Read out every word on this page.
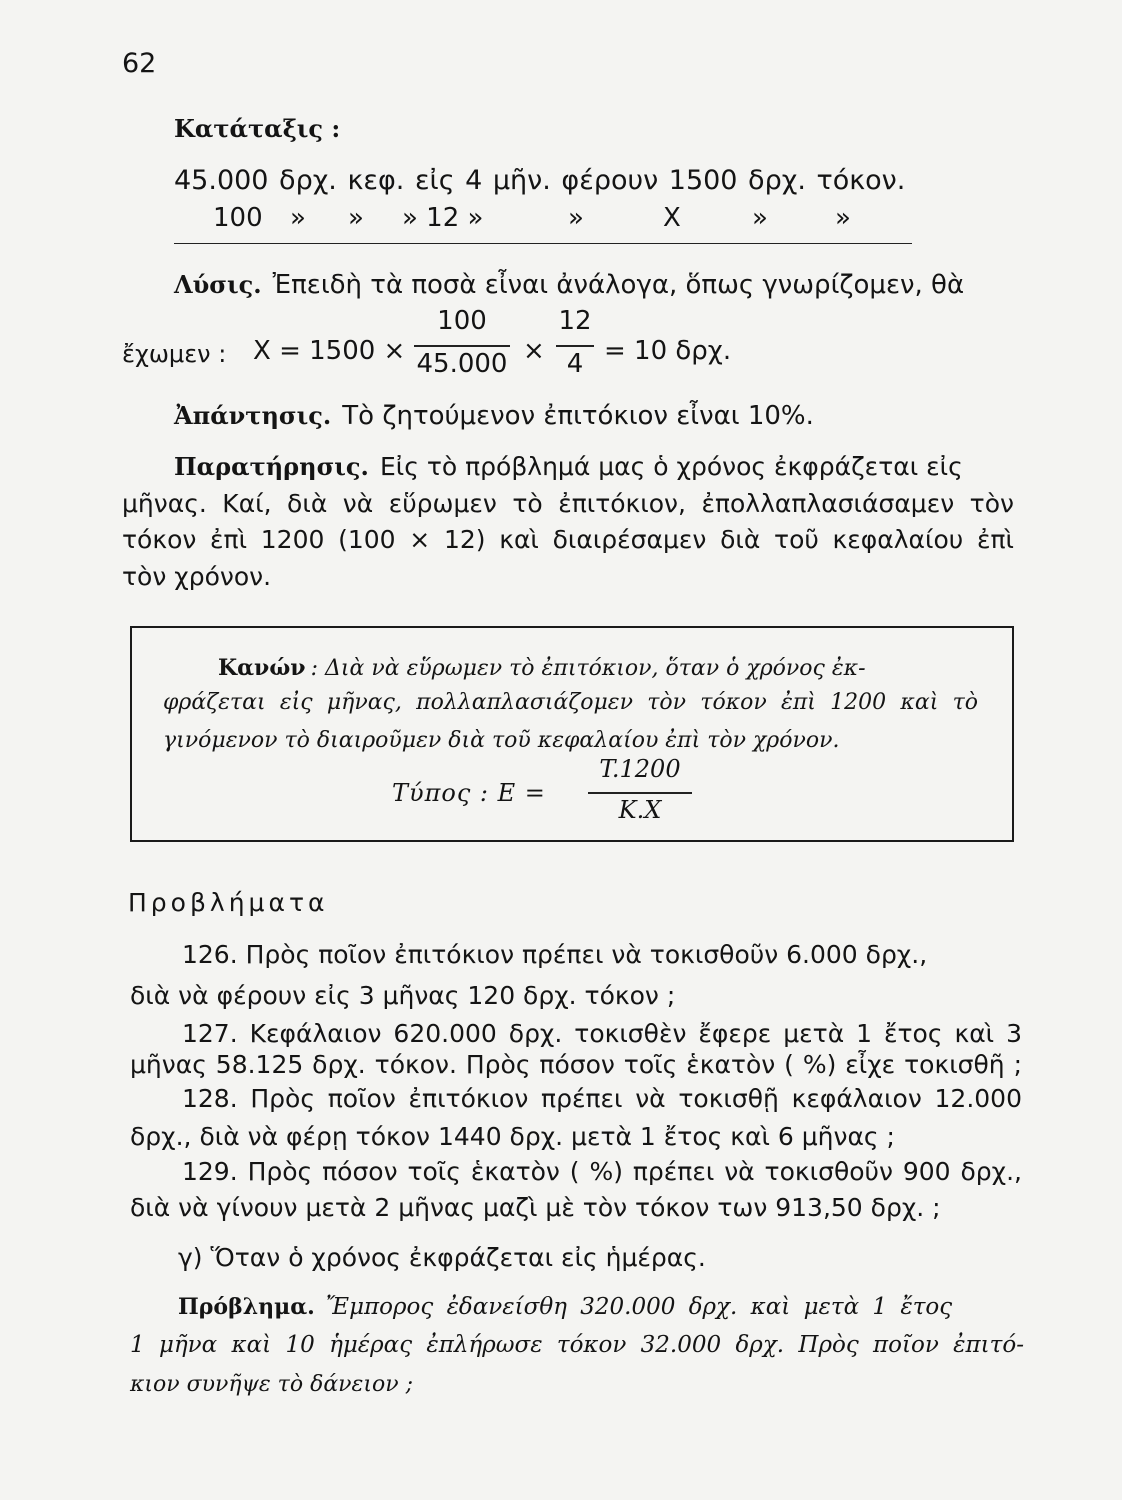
62
Κατάταξις :
45.000 δρχ. κεφ. εἰς 4 μῆν. φέρουν 1500 δρχ. τόκον.
100 » » » 12 »	»	X	»	»
Λύσις. Ἐπειδὴ τὰ ποσὰ εἶναι ἀνάλογα, ὅπως γνωρίζομεν, θὰ
ἔχωμεν : X = 1500 ×
100
45.000 ×
12
4 = 10 δρχ.
Ἀπάντησις. Τὸ ζητούμενον ἐπιτόκιον εἶναι 10%.
Παρατήρησις. Εἰς τὸ πρόβλημά μας ὁ χρόνος ἐκφράζεται εἰς
μῆνας. Καί, διὰ νὰ εὕρωμεν τὸ ἐπιτόκιον, ἐπολλαπλασιάσαμεν τὸν
τόκον ἐπὶ 1200 (100 × 12) καὶ διαιρέσαμεν διὰ τοῦ κεφαλαίου ἐπὶ
τὸν χρόνον.
Κανών : Διὰ νὰ εὕρωμεν τὸ ἐπιτόκιον, ὅταν ὁ χρόνος ἐκ-
φράζεται εἰς μῆνας, πολλαπλασιάζομεν τὸν τόκον ἐπὶ 1200 καὶ τὸ
γινόμενον τὸ διαιροῦμεν διὰ τοῦ κεφαλαίου ἐπὶ τὸν χρόνον.
Τύπος : E =
T.1200
K.X
Προβλήματα
126. Πρὸς ποῖον ἐπιτόκιον πρέπει νὰ τοκισθοῦν 6.000 δρχ.,
διὰ νὰ φέρουν εἰς 3 μῆνας 120 δρχ. τόκον ;
127. Κεφάλαιον 620.000 δρχ. τοκισθὲν ἔφερε μετὰ 1 ἔτος καὶ 3
μῆνας 58.125 δρχ. τόκον. Πρὸς πόσον τοῖς ἑκατὸν ( %) εἶχε τοκισθῆ ;
128. Πρὸς ποῖον ἐπιτόκιον πρέπει νὰ τοκισθῇ κεφάλαιον 12.000
δρχ., διὰ νὰ φέρῃ τόκον 1440 δρχ. μετὰ 1 ἔτος καὶ 6 μῆνας ;
129. Πρὸς πόσον τοῖς ἑκατὸν ( %) πρέπει νὰ τοκισθοῦν 900 δρχ.,
διὰ νὰ γίνουν μετὰ 2 μῆνας μαζὶ μὲ τὸν τόκον των 913,50 δρχ. ;
γ) Ὅταν ὁ χρόνος ἐκφράζεται εἰς ἡμέρας.
Πρόβλημα. Ἔμπορος ἐδανείσθη 320.000 δρχ. καὶ μετὰ 1 ἔτος
1 μῆνα καὶ 10 ἡμέρας ἐπλήρωσε τόκον 32.000 δρχ. Πρὸς ποῖον ἐπιτό-
κιον συνῆψε τὸ δάνειον ;
